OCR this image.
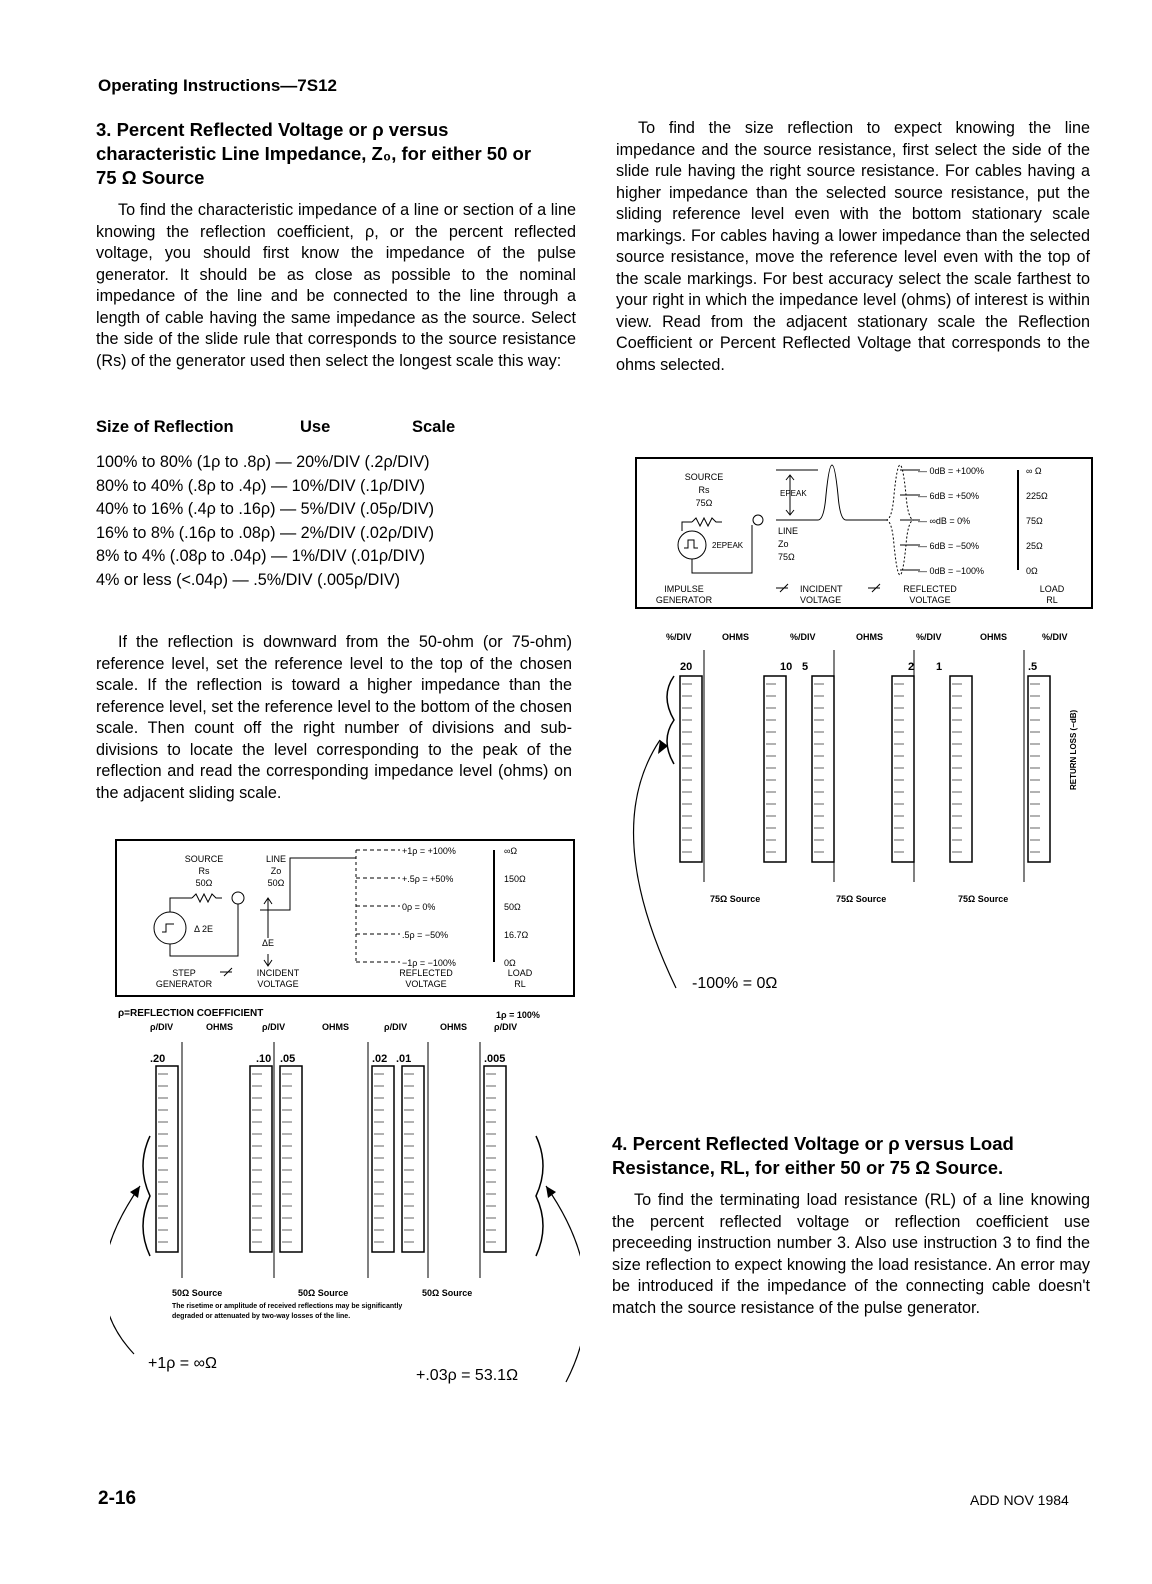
Operating Instructions—7S12
3. Percent Reflected Voltage or ρ versus
characteristic Line Impedance, Z₀, for either 50 or
75 Ω Source

To find the characteristic impedance of a line or section of a line knowing the reflection coefficient, ρ, or the percent reflected voltage, you should first know the impedance of the pulse generator. It should be as close as possible to the nominal impedance of the line and be connected to the line through a length of cable having the same impedance as the source. Select the side of the slide rule that corresponds to the source resistance (Rs) of the generator used then select the longest scale this way:

Size of Reflection	Use	Scale
100% to 80% (1ρ to .8ρ) — 20%/DIV (.2ρ/DIV)
80% to 40% (.8ρ to .4ρ) — 10%/DIV (.1ρ/DIV)
40% to 16% (.4ρ to .16ρ) — 5%/DIV (.05ρ/DIV)
16% to 8% (.16ρ to .08ρ) — 2%/DIV (.02ρ/DIV)
8% to 4% (.08ρ to .04ρ) — 1%/DIV (.01ρ/DIV)
4% or less (<.04ρ) — .5%/DIV (.005ρ/DIV)

If the reflection is downward from the 50-ohm (or 75-ohm) reference level, set the reference level to the top of the chosen scale. If the reflection is toward a higher impedance than the reference level, set the reference level to the bottom of the chosen scale. Then count off the right number of divisions and sub-divisions to locate the level corresponding to the peak of the reflection and read the corresponding impedance level (ohms) on the adjacent sliding scale.

To find the size reflection to expect knowing the line impedance and the source resistance, first select the side of the slide rule having the right source resistance. For cables having a higher impedance than the selected source resistance, put the sliding reference level even with the bottom stationary scale markings. For cables having a lower impedance than the selected source resistance, move the reference level even with the top of the scale markings. For best accuracy select the scale farthest to your right in which the impedance level (ohms) of interest is within view. Read from the adjacent stationary scale the Reflection Coefficient or Percent Reflected Voltage that corresponds to the ohms selected.

SOURCE
Rs
75Ω
2EPEAK
IMPULSE
GENERATOR
EPEAK
LINE
Zo
75Ω
INCIDENT
VOLTAGE
— 0dB = +100%
— 6dB = +50%
— ∞dB = 0%
— 6dB = −50%
— 0dB = −100%
∞ Ω
225Ω
75Ω
25Ω
0Ω
REFLECTED
VOLTAGE
LOAD
RL
%/DIV	OHMS	%/DIV	OHMS	%/DIV	OHMS	%/DIV
20	10 5	2 1	.5
75Ω Source	75Ω Source	75Ω Source
RETURN LOSS (−dB)
-100% = 0Ω
SOURCE
Rs
50Ω
LINE
Zo
50Ω
Δ 2E
ΔE
+1ρ = +100%
+.5ρ = +50%
0ρ = 0%
.5ρ = −50%
−1ρ = −100%
∞Ω
150Ω
50Ω
16.7Ω
0Ω
STEP
GENERATOR
INCIDENT
VOLTAGE
REFLECTED
VOLTAGE
LOAD
RL
ρ=REFLECTION COEFFICIENT	1ρ = 100%
ρ/DIV	OHMS	ρ/DIV	OHMS	ρ/DIV	OHMS	ρ/DIV
.20	.10 .05	.02 .01	.005
50Ω Source	50Ω Source	50Ω Source
The risetime or amplitude of received reflections may be significantly
degraded or attenuated by two-way losses of the line.
+1ρ = ∞Ω
+.03ρ = 53.1Ω
4. Percent Reflected Voltage or ρ versus Load
Resistance, RL, for either 50 or 75 Ω Source.

To find the terminating load resistance (RL) of a line knowing the percent reflected voltage or reflection coefficient use preceeding instruction number 3. Also use instruction 3 to find the size reflection to expect knowing the load resistance. An error may be introduced if the impedance of the connecting cable doesn't match the source resistance of the pulse generator.

2-16	ADD NOV 1984
